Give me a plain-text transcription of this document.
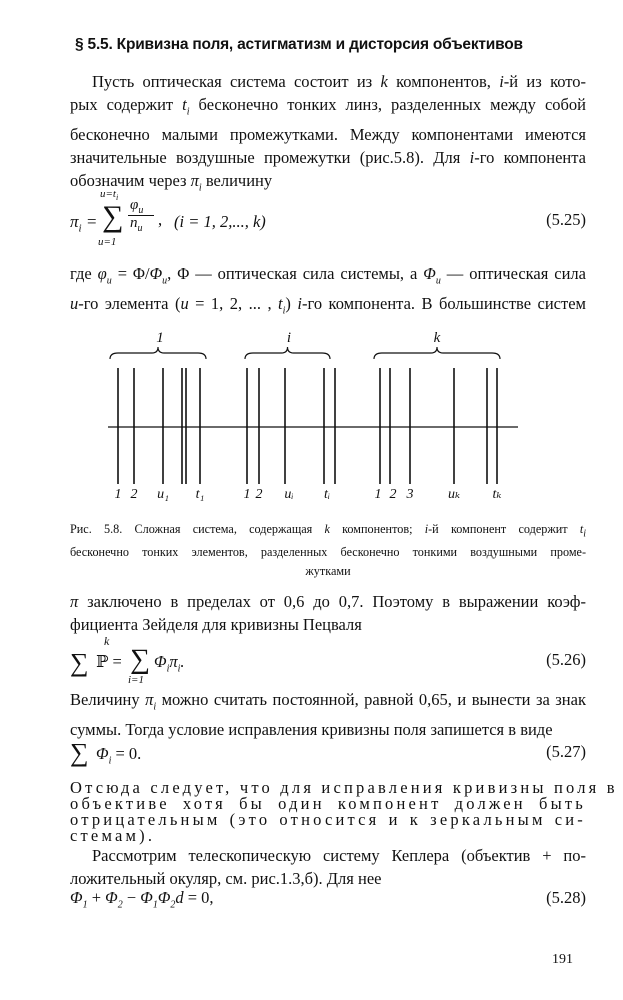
§ 5.5. Кривизна поля, астигматизм и дисторсия объективов
Пусть оптическая система состоит из k компонентов, i-й из кото-
рых содержит $t_i$ бесконечно тонких линз, разделенных между собой
бесконечно малыми промежутками. Между компонентами имеются
значительные воздушные промежутки (рис.5.8). Для i-го компонента
обозначим через $\pi_i$ величину
$u=t_i$
$\pi_i$ = ∑ $\varphi_u$
$n_u$ , (i = 1, 2,..., k)
u=1
(5.25)
где $\varphi_u = \Phi/\Phi_u$, Φ — оптическая сила системы, а $\Phi_u$ — оптическая сила
u-го элемента (u = 1, 2, ... , $t_i$) i-го компонента. В большинстве систем
1	i	k
1 2 u₁ t₁	1 2 uᵢ tᵢ	1 2 3 uₖ tₖ
Рис. 5.8. Сложная система, содержащая k компонентов; i-й компонент содержит $t_i$
бесконечно тонких элементов, разделенных бесконечно тонкими воздушными проме-
жутками
π заключено в пределах от 0,6 до 0,7. Поэтому в выражении коэф-
фициента Зейделя для кривизны Пецваля
k
∑ ℙ = ∑ $\Phi_i\pi_i$.
i=1
(5.26)
Величину $\pi_i$ можно считать постоянной, равной 0,65, и вынести за знак
суммы. Тогда условие исправления кривизны поля запишется в виде
∑ $\Phi_i = 0$.	(5.27)
Отсюда следует, что для исправления кривизны поля в
объективе хотя бы один компонент должен быть
отрицательным (это относится и к зеркальным си-
стемам).
Рассмотрим телескопическую систему Кеплера (объектив + по-
ложительный окуляр, см. рис.1.3,б). Для нее
$\Phi_1 + \Phi_2 - \Phi_1\Phi_2d = 0$,	(5.28)
191
